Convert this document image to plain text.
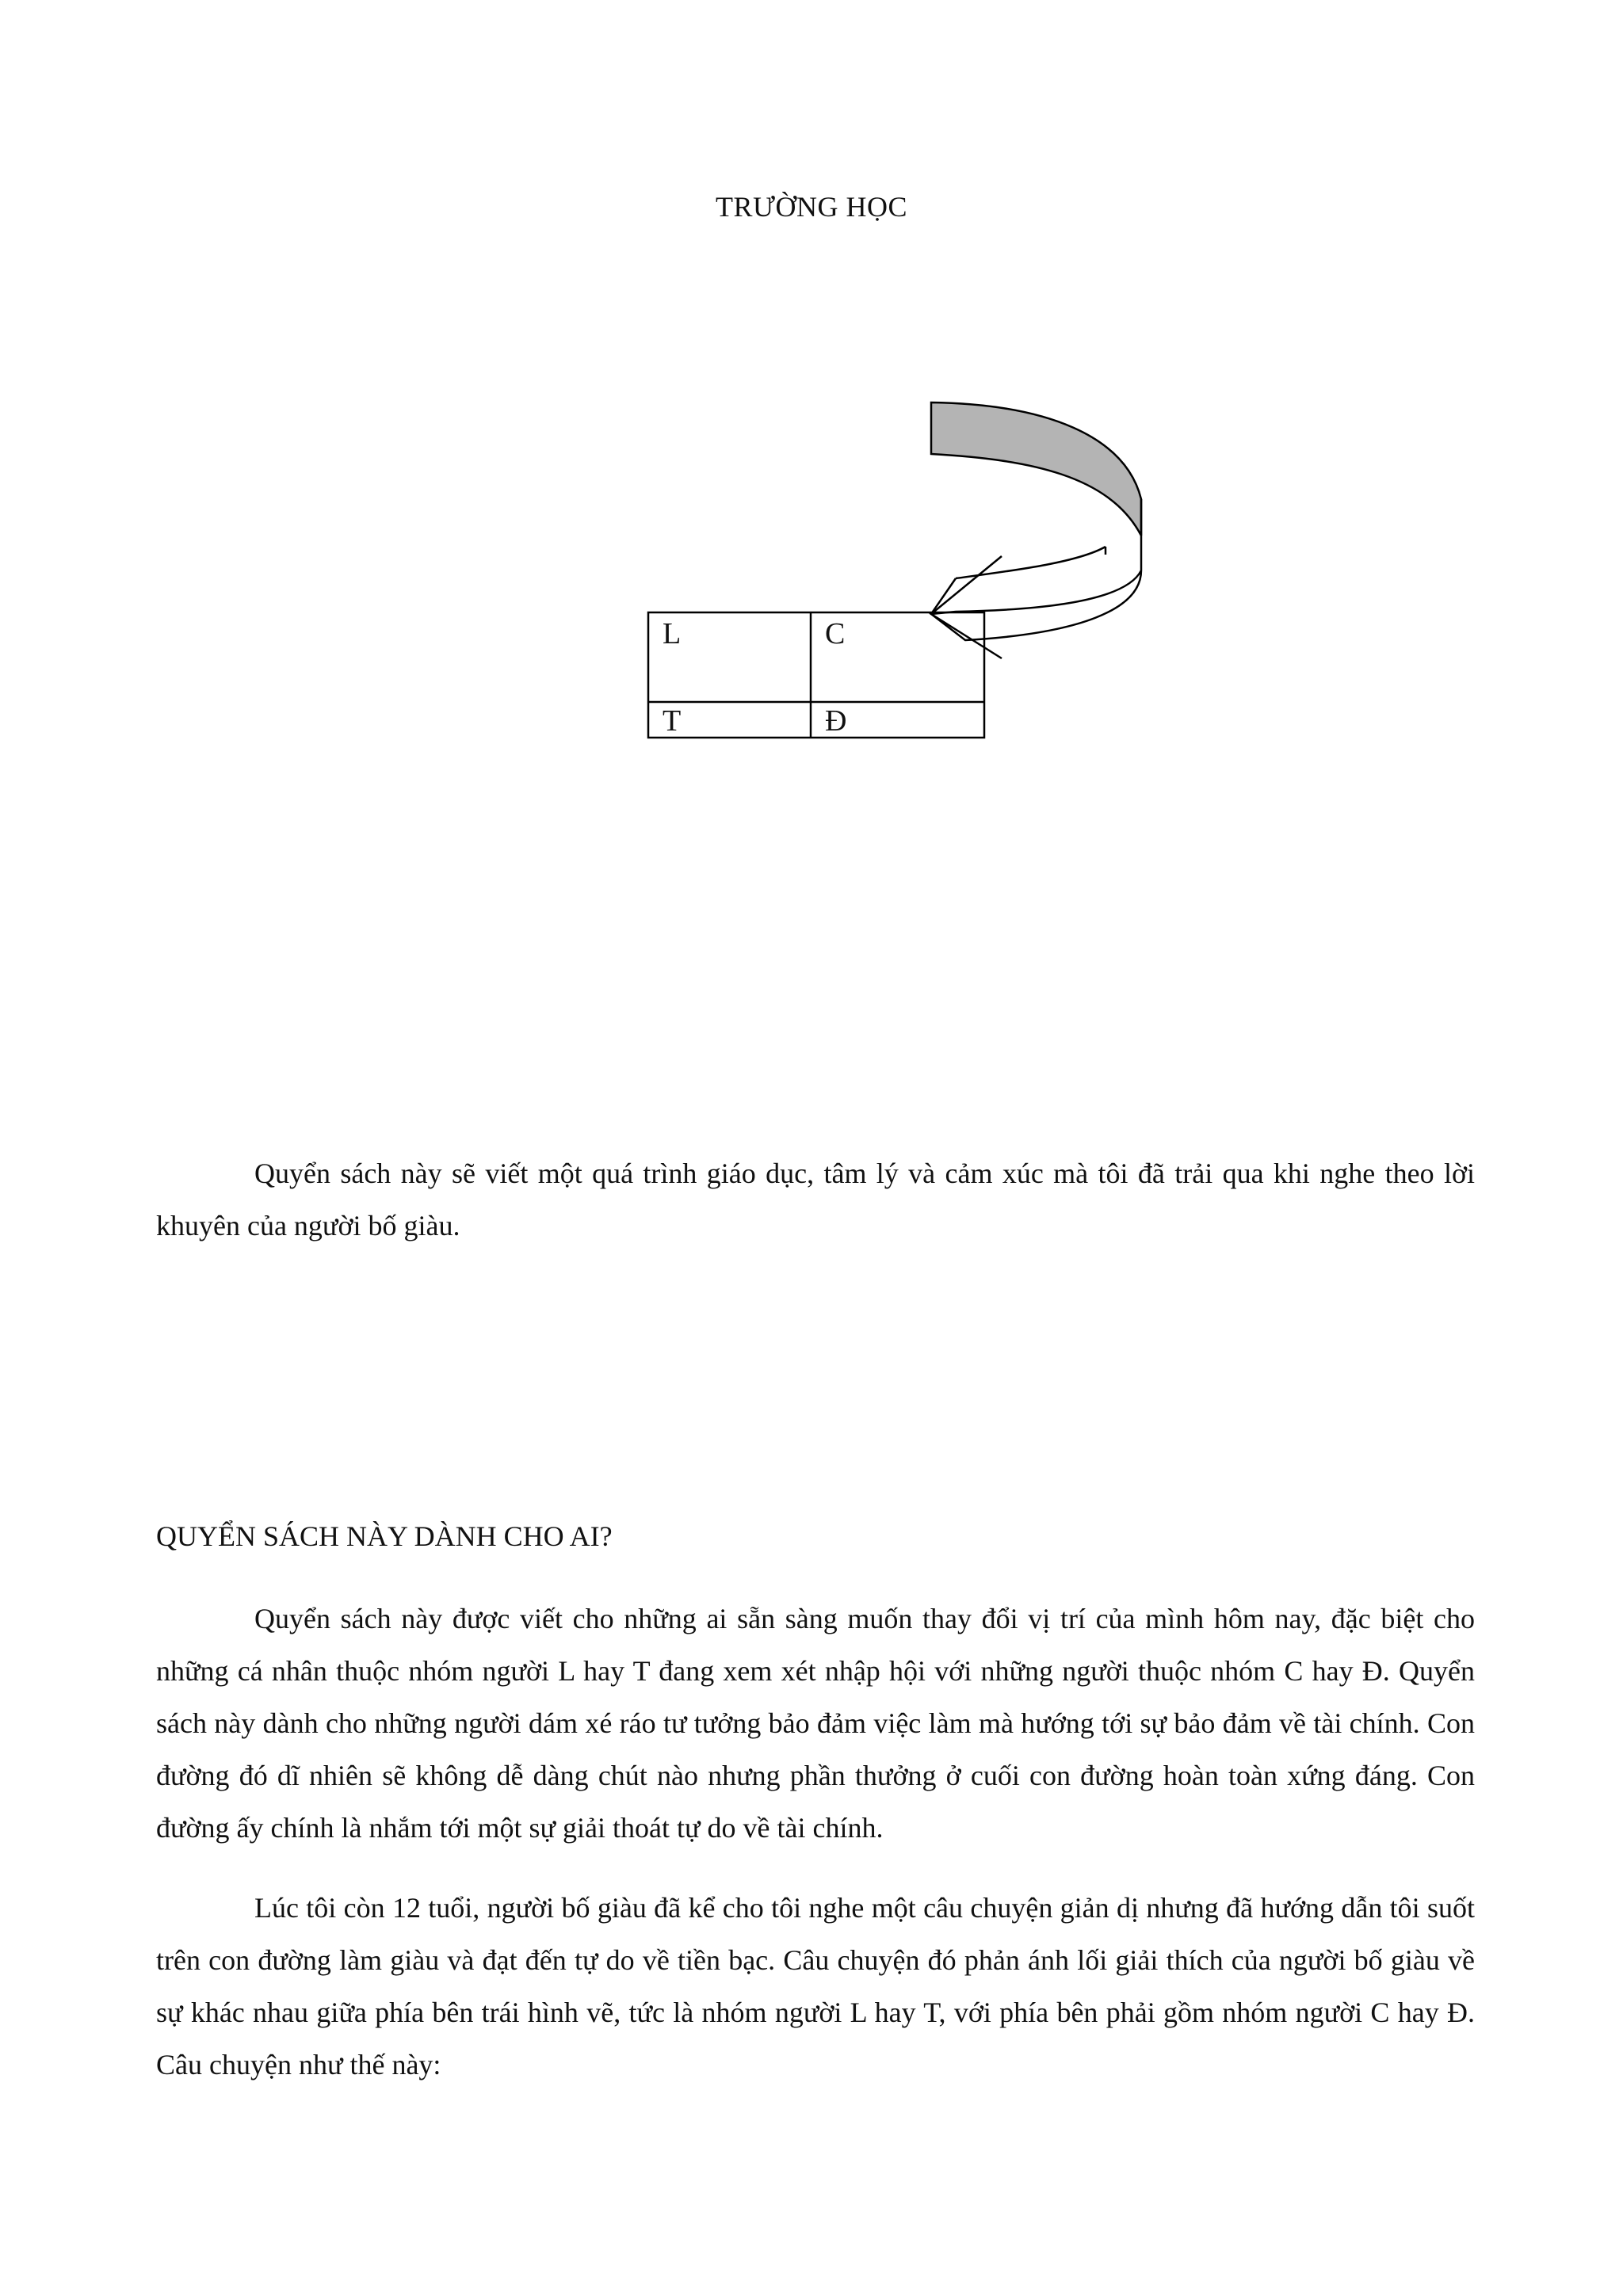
TRƯỜNG HỌC
L	C
T	Đ

Quyển sách này sẽ viết một quá trình giáo dục, tâm lý và cảm xúc mà tôi đã trải qua khi nghe theo lời khuyên của người bố giàu.

QUYỂN SÁCH NÀY DÀNH CHO AI?

Quyển sách này được viết cho những ai sẵn sàng muốn thay đổi vị trí của mình hôm nay, đặc biệt cho những cá nhân thuộc nhóm người L hay T đang xem xét nhập hội với những người thuộc nhóm C hay Đ. Quyển sách này dành cho những người dám xé ráo tư tưởng bảo đảm việc làm mà hướng tới sự bảo đảm về tài chính. Con đường đó dĩ nhiên sẽ không dễ dàng chút nào nhưng phần thưởng ở cuối con đường hoàn toàn xứng đáng. Con đường ấy chính là nhắm tới một sự giải thoát tự do về tài chính.

Lúc tôi còn 12 tuổi, người bố giàu đã kể cho tôi nghe một câu chuyện giản dị nhưng đã hướng dẫn tôi suốt trên con đường làm giàu và đạt đến tự do về tiền bạc. Câu chuyện đó phản ánh lối giải thích của người bố giàu về sự khác nhau giữa phía bên trái hình vẽ, tức là nhóm người L hay T, với phía bên phải gồm nhóm người C hay Đ. Câu chuyện như thế này:
